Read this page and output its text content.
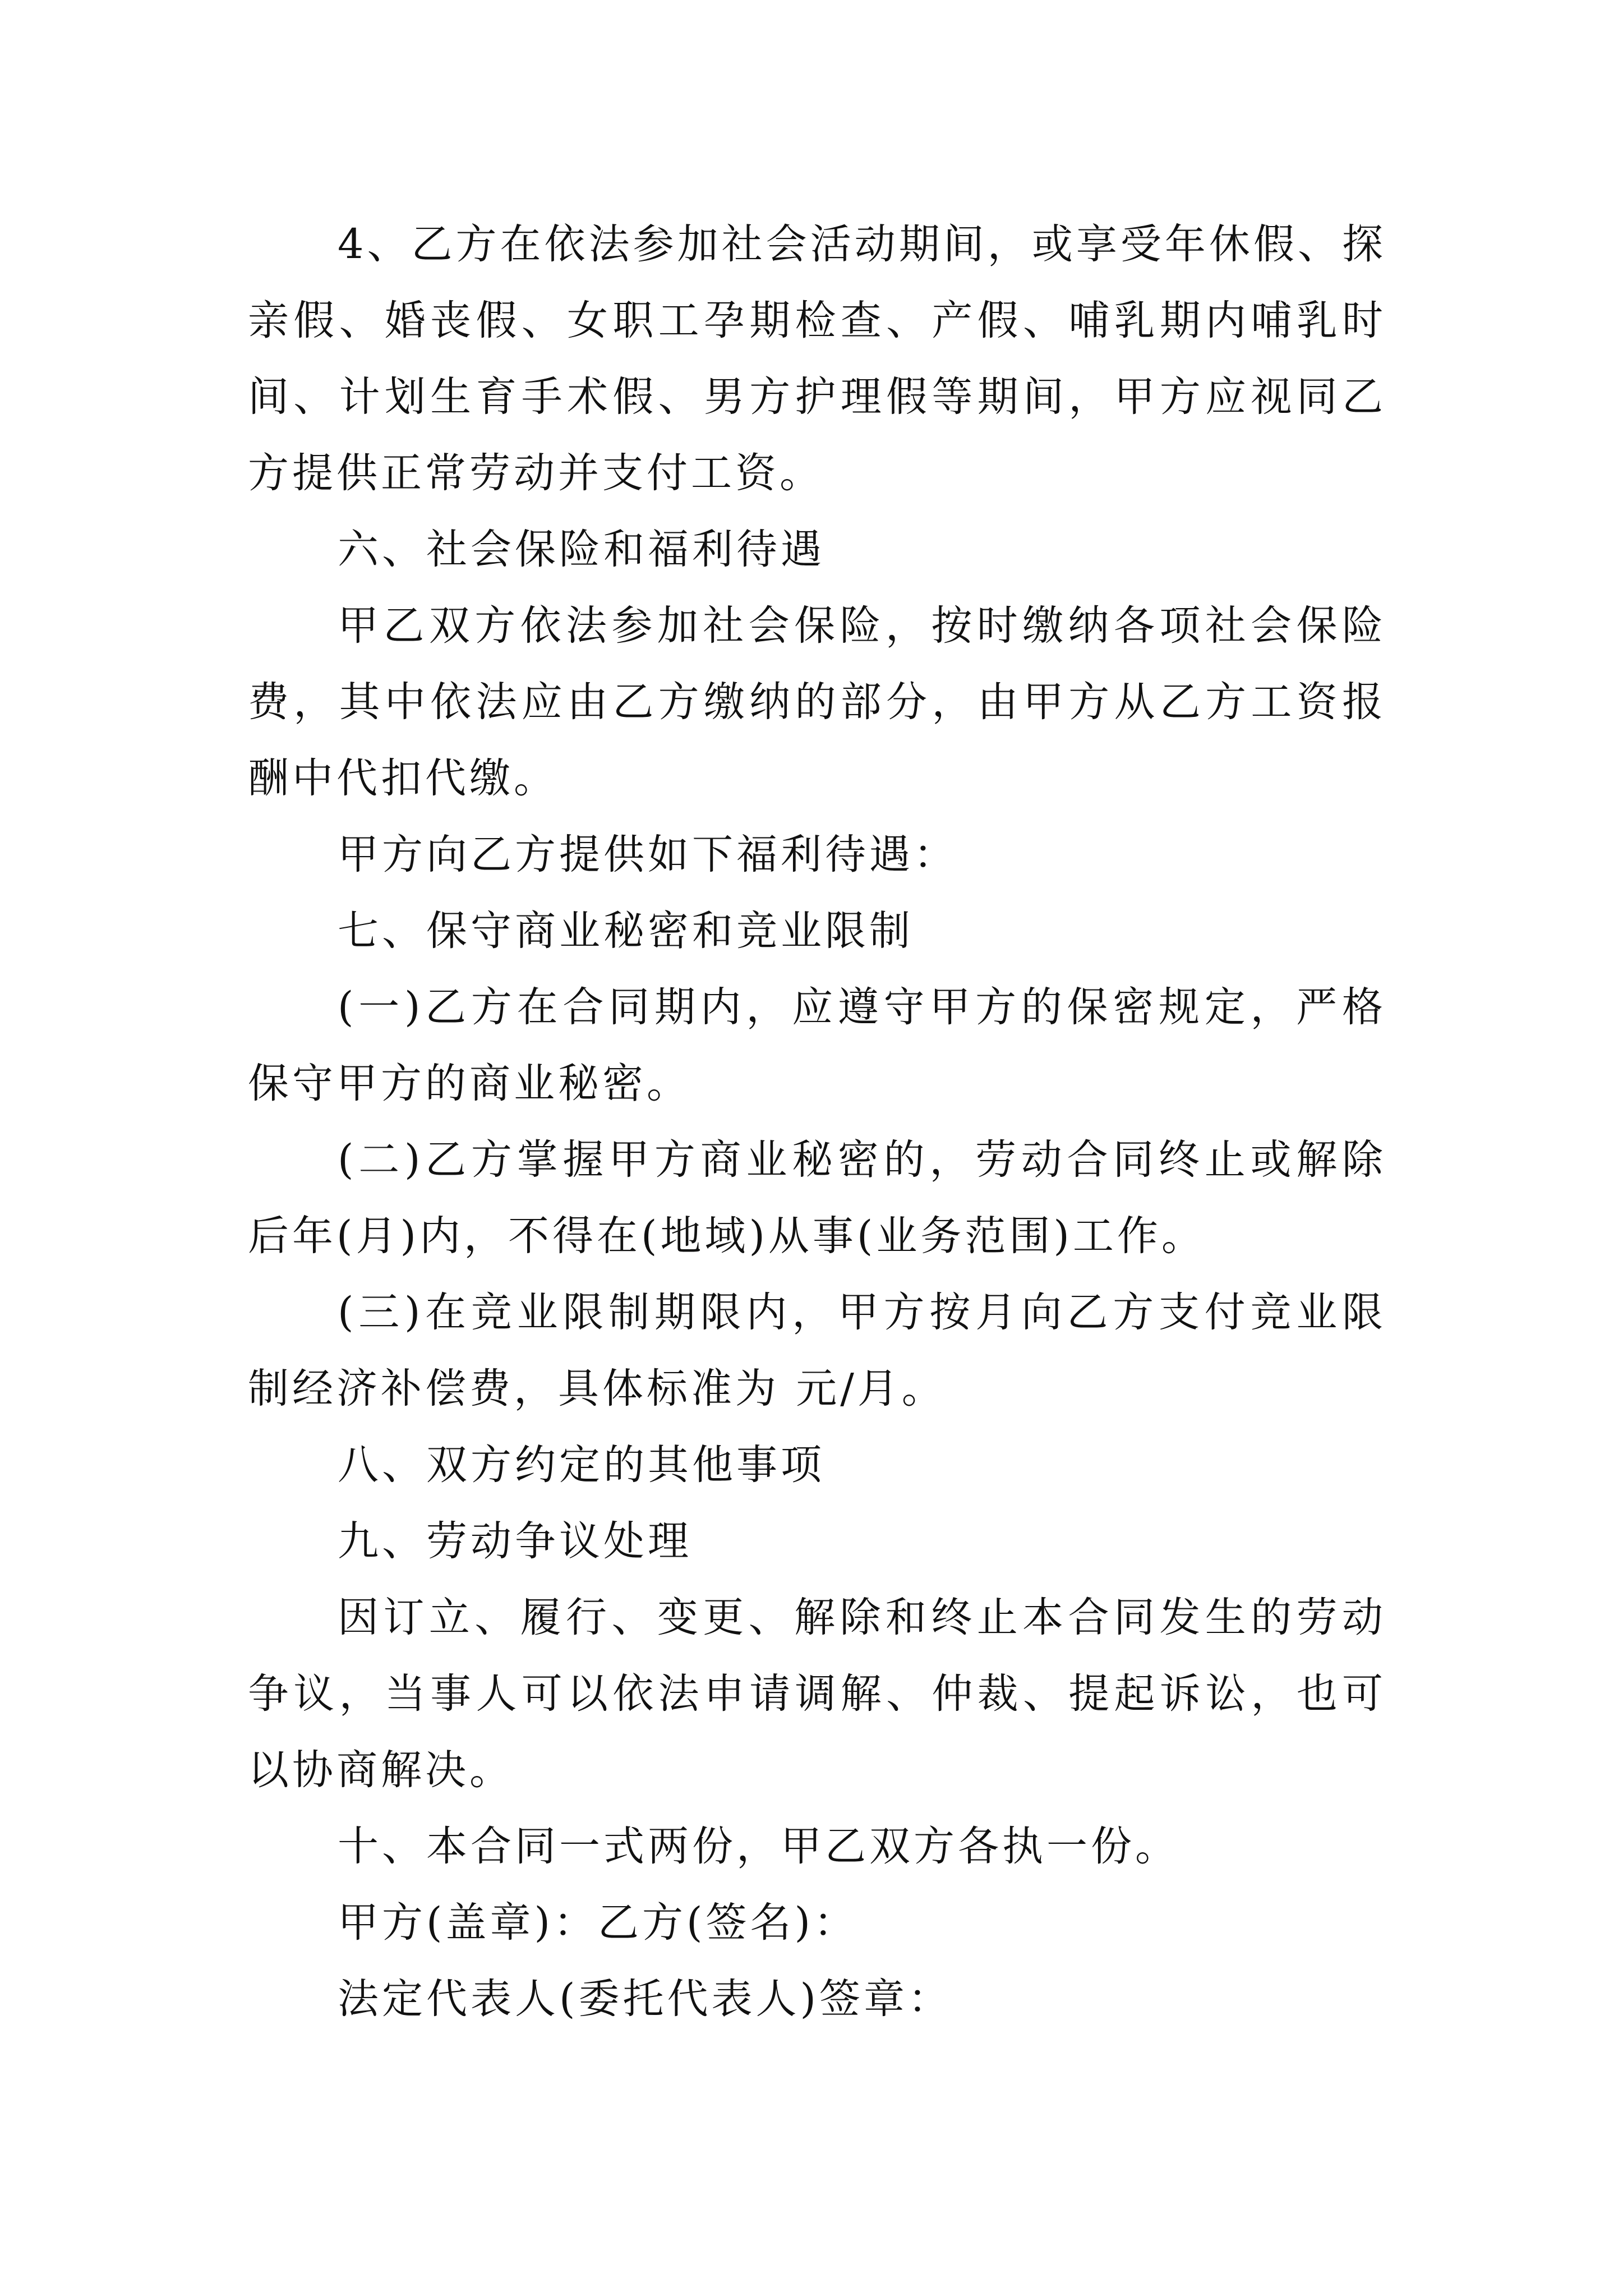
4、乙方在依法参加社会活动期间，或享受年休假、探亲假、婚丧假、女职工孕期检查、产假、哺乳期内哺乳时间、计划生育手术假、男方护理假等期间，甲方应视同乙方提供正常劳动并支付工资。

六、社会保险和福利待遇

甲乙双方依法参加社会保险，按时缴纳各项社会保险费，其中依法应由乙方缴纳的部分，由甲方从乙方工资报酬中代扣代缴。

甲方向乙方提供如下福利待遇：

七、保守商业秘密和竞业限制

(一)乙方在合同期内，应遵守甲方的保密规定，严格保守甲方的商业秘密。

(二)乙方掌握甲方商业秘密的，劳动合同终止或解除后年(月)内，不得在(地域)从事(业务范围)工作。

(三)在竞业限制期限内，甲方按月向乙方支付竞业限制经济补偿费，具体标准为 元/月。

八、双方约定的其他事项

九、劳动争议处理

因订立、履行、变更、解除和终止本合同发生的劳动争议，当事人可以依法申请调解、仲裁、提起诉讼，也可以协商解决。

十、本合同一式两份，甲乙双方各执一份。

甲方(盖章)：乙方(签名)：

法定代表人(委托代表人)签章：
